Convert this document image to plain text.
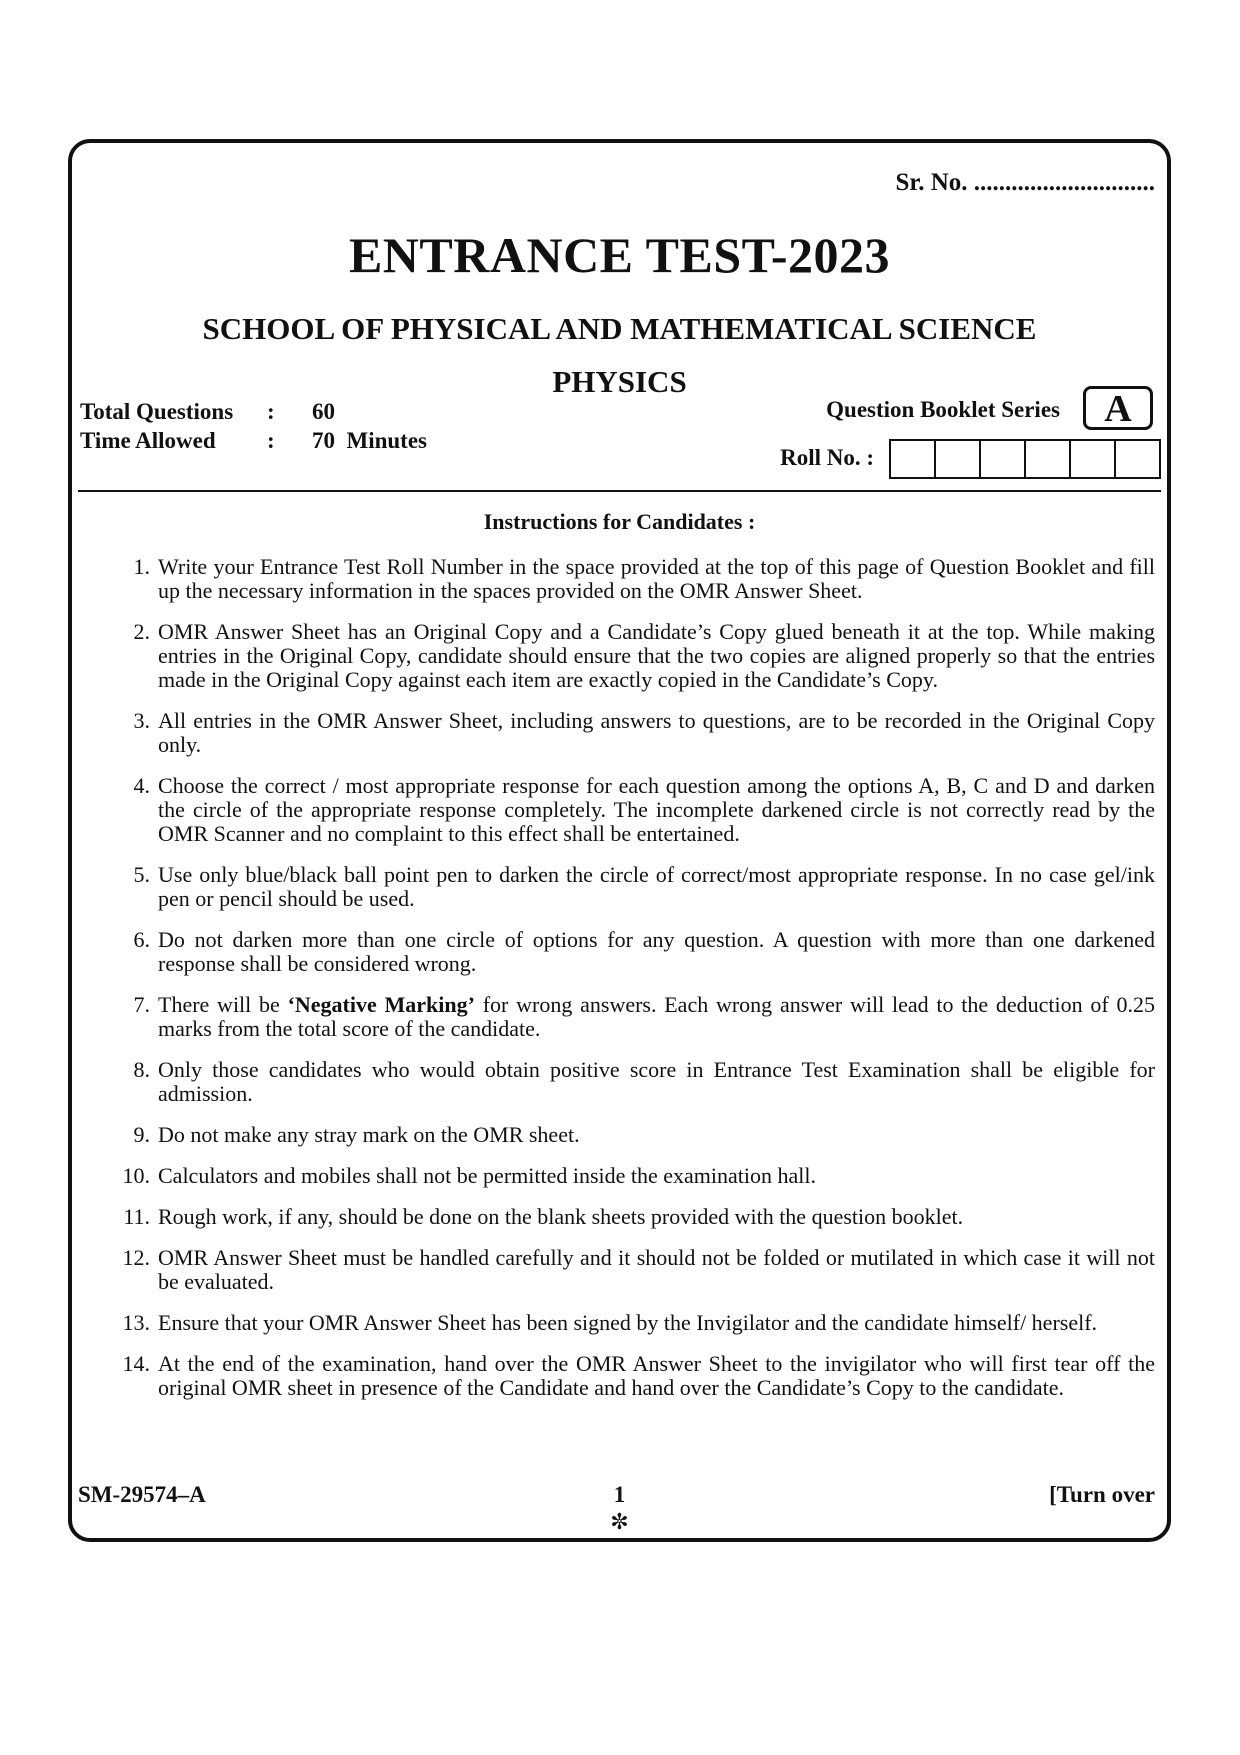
Sr. No. .............................
ENTRANCE TEST-2023
SCHOOL OF PHYSICAL AND MATHEMATICAL SCIENCE
PHYSICS
Total Questions	:	60
Time Allowed	:	70  Minutes
Question Booklet Series	A
Roll No. :
Instructions for Candidates :
1. Write your Entrance Test Roll Number in the space provided at the top of this page of Question Booklet and fill up the necessary information in the spaces provided on the OMR Answer Sheet.
2. OMR Answer Sheet has an Original Copy and a Candidate’s Copy glued beneath it at the top. While making entries in the Original Copy, candidate should ensure that the two copies are aligned properly so that the entries made in the Original Copy against each item are exactly copied in the Candidate’s Copy.
3. All entries in the OMR Answer Sheet, including answers to questions, are to be recorded in the Original Copy only.
4. Choose the correct / most appropriate response for each question among the options A, B, C and D and darken the circle of the appropriate response completely. The incomplete darkened circle is not correctly read by the OMR Scanner and no complaint to this effect shall be entertained.
5. Use only blue/black ball point pen to darken the circle of correct/most appropriate response. In no case gel/ink pen or pencil should be used.
6. Do not darken more than one circle of options for any question. A question with more than one darkened response shall be considered wrong.
7. There will be ‘Negative Marking’ for wrong answers. Each wrong answer will lead to the deduction of 0.25 marks from the total score of the candidate.
8. Only those candidates who would obtain positive score in Entrance Test Examination shall be eligible for admission.
9. Do not make any stray mark on the OMR sheet.
10. Calculators and mobiles shall not be permitted inside the examination hall.
11. Rough work, if any, should be done on the blank sheets provided with the question booklet.
12. OMR Answer Sheet must be handled carefully and it should not be folded or mutilated in which case it will not be evaluated.
13. Ensure that your OMR Answer Sheet has been signed by the Invigilator and the candidate himself/ herself.
14. At the end of the examination, hand over the OMR Answer Sheet to the invigilator who will first tear off the original OMR sheet in presence of the Candidate and hand over the Candidate’s Copy to the candidate.
SM-29574–A	1	[Turn over
✼
